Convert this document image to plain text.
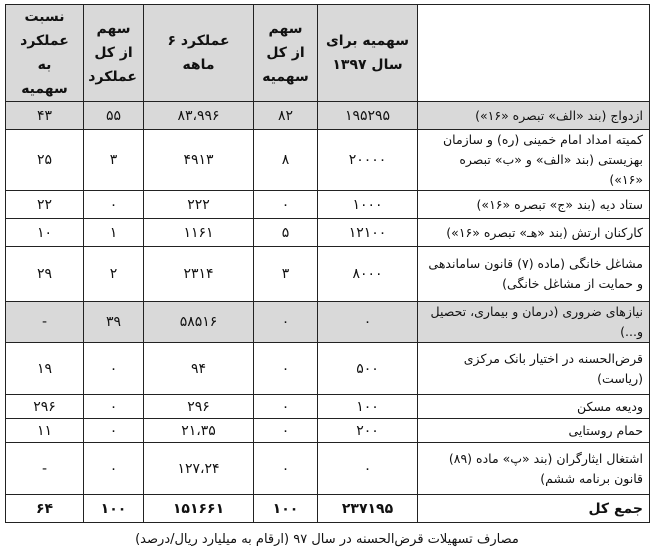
	سهمیه برای سال ۱۳۹۷	سهم از کل سهمیه	عملکرد ۶ ماهه	سهم از کل عملکرد	نسبت عملکرد به سهمیه
ازدواج (بند «الف» تبصره «۱۶»)	۱۹۵۲۹۵	۸۲	۸۳،۹۹۶	۵۵	۴۳
کمیته امداد امام خمینی (ره) و سازمان بهزیستی (بند «الف» و «ب» تبصره «۱۶»)	۲۰۰۰۰	۸	۴۹۱۳	۳	۲۵
ستاد دیه (بند «ج» تبصره «۱۶»)	۱۰۰۰	۰	۲۲۲	۰	۲۲
کارکنان ارتش (بند «هـ» تبصره «۱۶»)	۱۲۱۰۰	۵	۱۱۶۱	۱	۱۰
مشاغل خانگی (ماده (۷) قانون ساماندهی و حمایت از مشاغل خانگی)	۸۰۰۰	۳	۲۳۱۴	۲	۲۹
نیازهای ضروری (درمان و بیماری، تحصیل و...)	۰	۰	۵۸۵۱۶	۳۹	-
قرض‌الحسنه در اختیار بانک مرکزی (ریاست)	۵۰۰	۰	۹۴	۰	۱۹
ودیعه مسکن	۱۰۰	۰	۲۹۶	۰	۲۹۶
حمام روستایی	۲۰۰	۰	۲۱،۳۵	۰	۱۱
اشتغال ایثارگران (بند «پ» ماده (۸۹) قانون برنامه ششم)	۰	۰	۱۲۷،۲۴	۰	-
جمع کل	۲۳۷۱۹۵	۱۰۰	۱۵۱۶۶۱	۱۰۰	۶۴
مصارف تسهیلات قرض‌الحسنه در سال ۹۷ (ارقام به میلیارد ریال/درصد)
